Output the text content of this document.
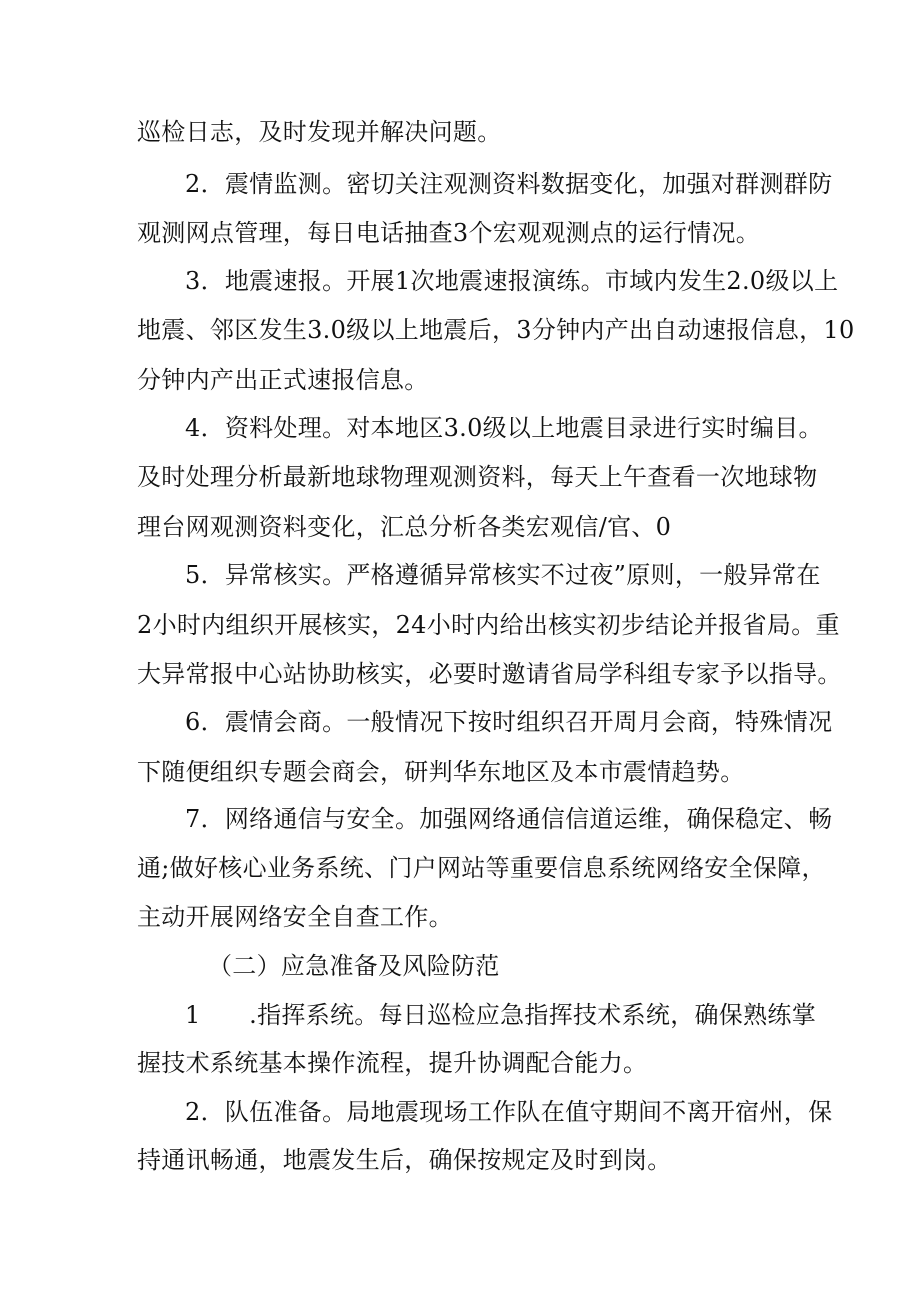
巡检日志，及时发现并解决问题。
2．震情监测。密切关注观测资料数据变化，加强对群测群防
观测网点管理，每日电话抽查3个宏观观测点的运行情况。
3．地震速报。开展1次地震速报演练。市域内发生2.0级以上
地震、邻区发生3.0级以上地震后，3分钟内产出自动速报信息，10
分钟内产出正式速报信息。
4．资料处理。对本地区3.0级以上地震目录进行实时编目。
及时处理分析最新地球物理观测资料，每天上午查看一次地球物
理台网观测资料变化，汇总分析各类宏观信/官、0
5．异常核实。严格遵循异常核实不过夜”原则，一般异常在
2小时内组织开展核实，24小时内给出核实初步结论并报省局。重
大异常报中心站协助核实，必要时邀请省局学科组专家予以指导。
6．震情会商。一般情况下按时组织召开周月会商，特殊情况
下随便组织专题会商会，研判华东地区及本市震情趋势。
7．网络通信与安全。加强网络通信信道运维，确保稳定、畅
通;做好核心业务系统、门户网站等重要信息系统网络安全保障，
主动开展网络安全自查工作。
（二）应急准备及风险防范
1　　.指挥系统。每日巡检应急指挥技术系统，确保熟练掌
握技术系统基本操作流程，提升协调配合能力。
2．队伍准备。局地震现场工作队在值守期间不离开宿州，保
持通讯畅通，地震发生后，确保按规定及时到岗。
